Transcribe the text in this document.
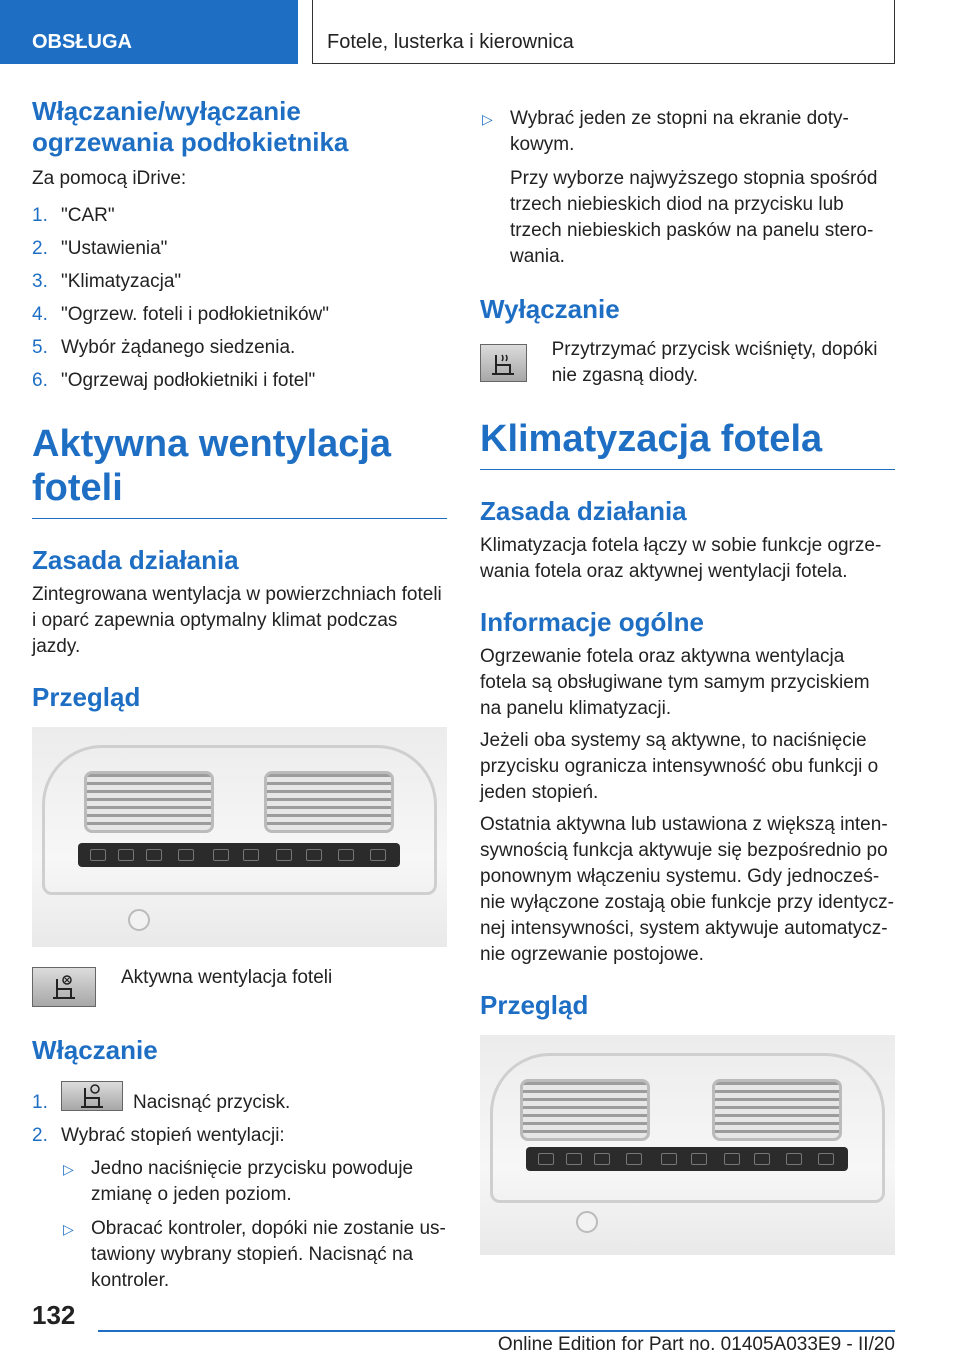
OBSŁUGA	Fotele, lusterka i kierownica
Włączanie/wyłączanie ogrzewania podłokietnika

Za pomocą iDrive:

1. "CAR"
2. "Ustawienia"
3. "Klimatyzacja"
4. "Ogrzew. foteli i podłokietników"
5. Wybór żądanego siedzenia.
6. "Ogrzewaj podłokietniki i fotel"
Aktywna wentylacja foteli
Zasada działania

Zintegrowana wentylacja w powierzchniach foteli i oparć zapewnia optymalny klimat podczas jazdy.

Przegląd

Aktywna wentylacja foteli

Włączanie
1.	Nacisnąć przycisk.
2. Wybrać stopień wentylacji:
▷ Jedno naciśnięcie przycisku powoduje zmianę o jeden poziom.
▷ Obracać kontroler, dopóki nie zostanie ustawiony wybrany stopień. Nacisnąć na kontroler.
▷ Wybrać jeden ze stopni na ekranie dotykowym.

Przy wyborze najwyższego stopnia spośród trzech niebieskich diod na przycisku lub trzech niebieskich pasków na panelu sterowania.

Wyłączanie

Przytrzymać przycisk wciśnięty, dopóki nie zgasną diody.

Klimatyzacja fotela
Zasada działania

Klimatyzacja fotela łączy w sobie funkcje ogrzewania fotela oraz aktywnej wentylacji fotela.

Informacje ogólne

Ogrzewanie fotela oraz aktywna wentylacja fotela są obsługiwane tym samym przyciskiem na panelu klimatyzacji.

Jeżeli oba systemy są aktywne, to naciśnięcie przycisku ogranicza intensywność obu funkcji o jeden stopień.

Ostatnia aktywna lub ustawiona z większą intensywnością funkcja aktywuje się bezpośrednio po ponownym włączeniu systemu. Gdy jednocześnie wyłączone zostają obie funkcje przy identycznej intensywności, system aktywuje automatycznie ogrzewanie postojowe.

Przegląd
132
Online Edition for Part no. 01405A033E9 - II/20
